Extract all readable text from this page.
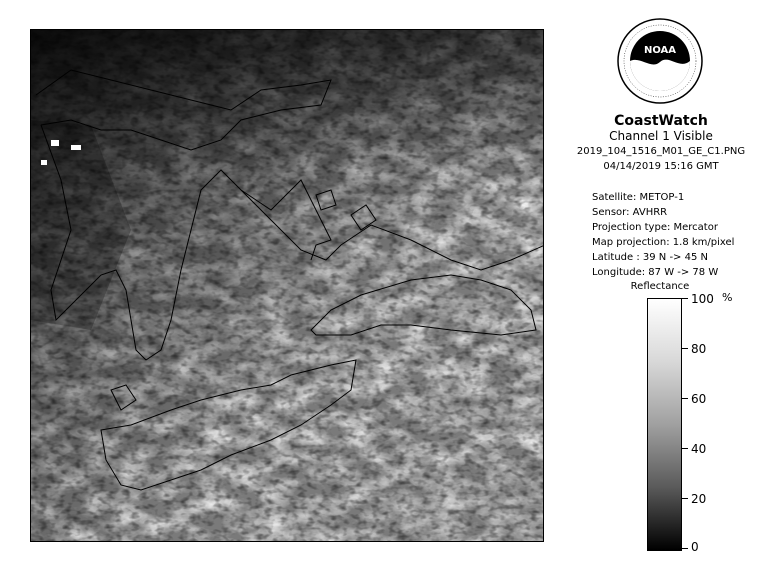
NOAA
CoastWatch
Channel 1 Visible
2019_104_1516_M01_GE_C1.PNG
04/14/2019 15:16 GMT
Satellite: METOP-1
Sensor: AVHRR
Projection type: Mercator
Map projection: 1.8 km/pixel
Latitude : 39 N -> 45 N
Longitude: 87 W -> 78 W
Reflectance
%
100
80
60
40
20
0
